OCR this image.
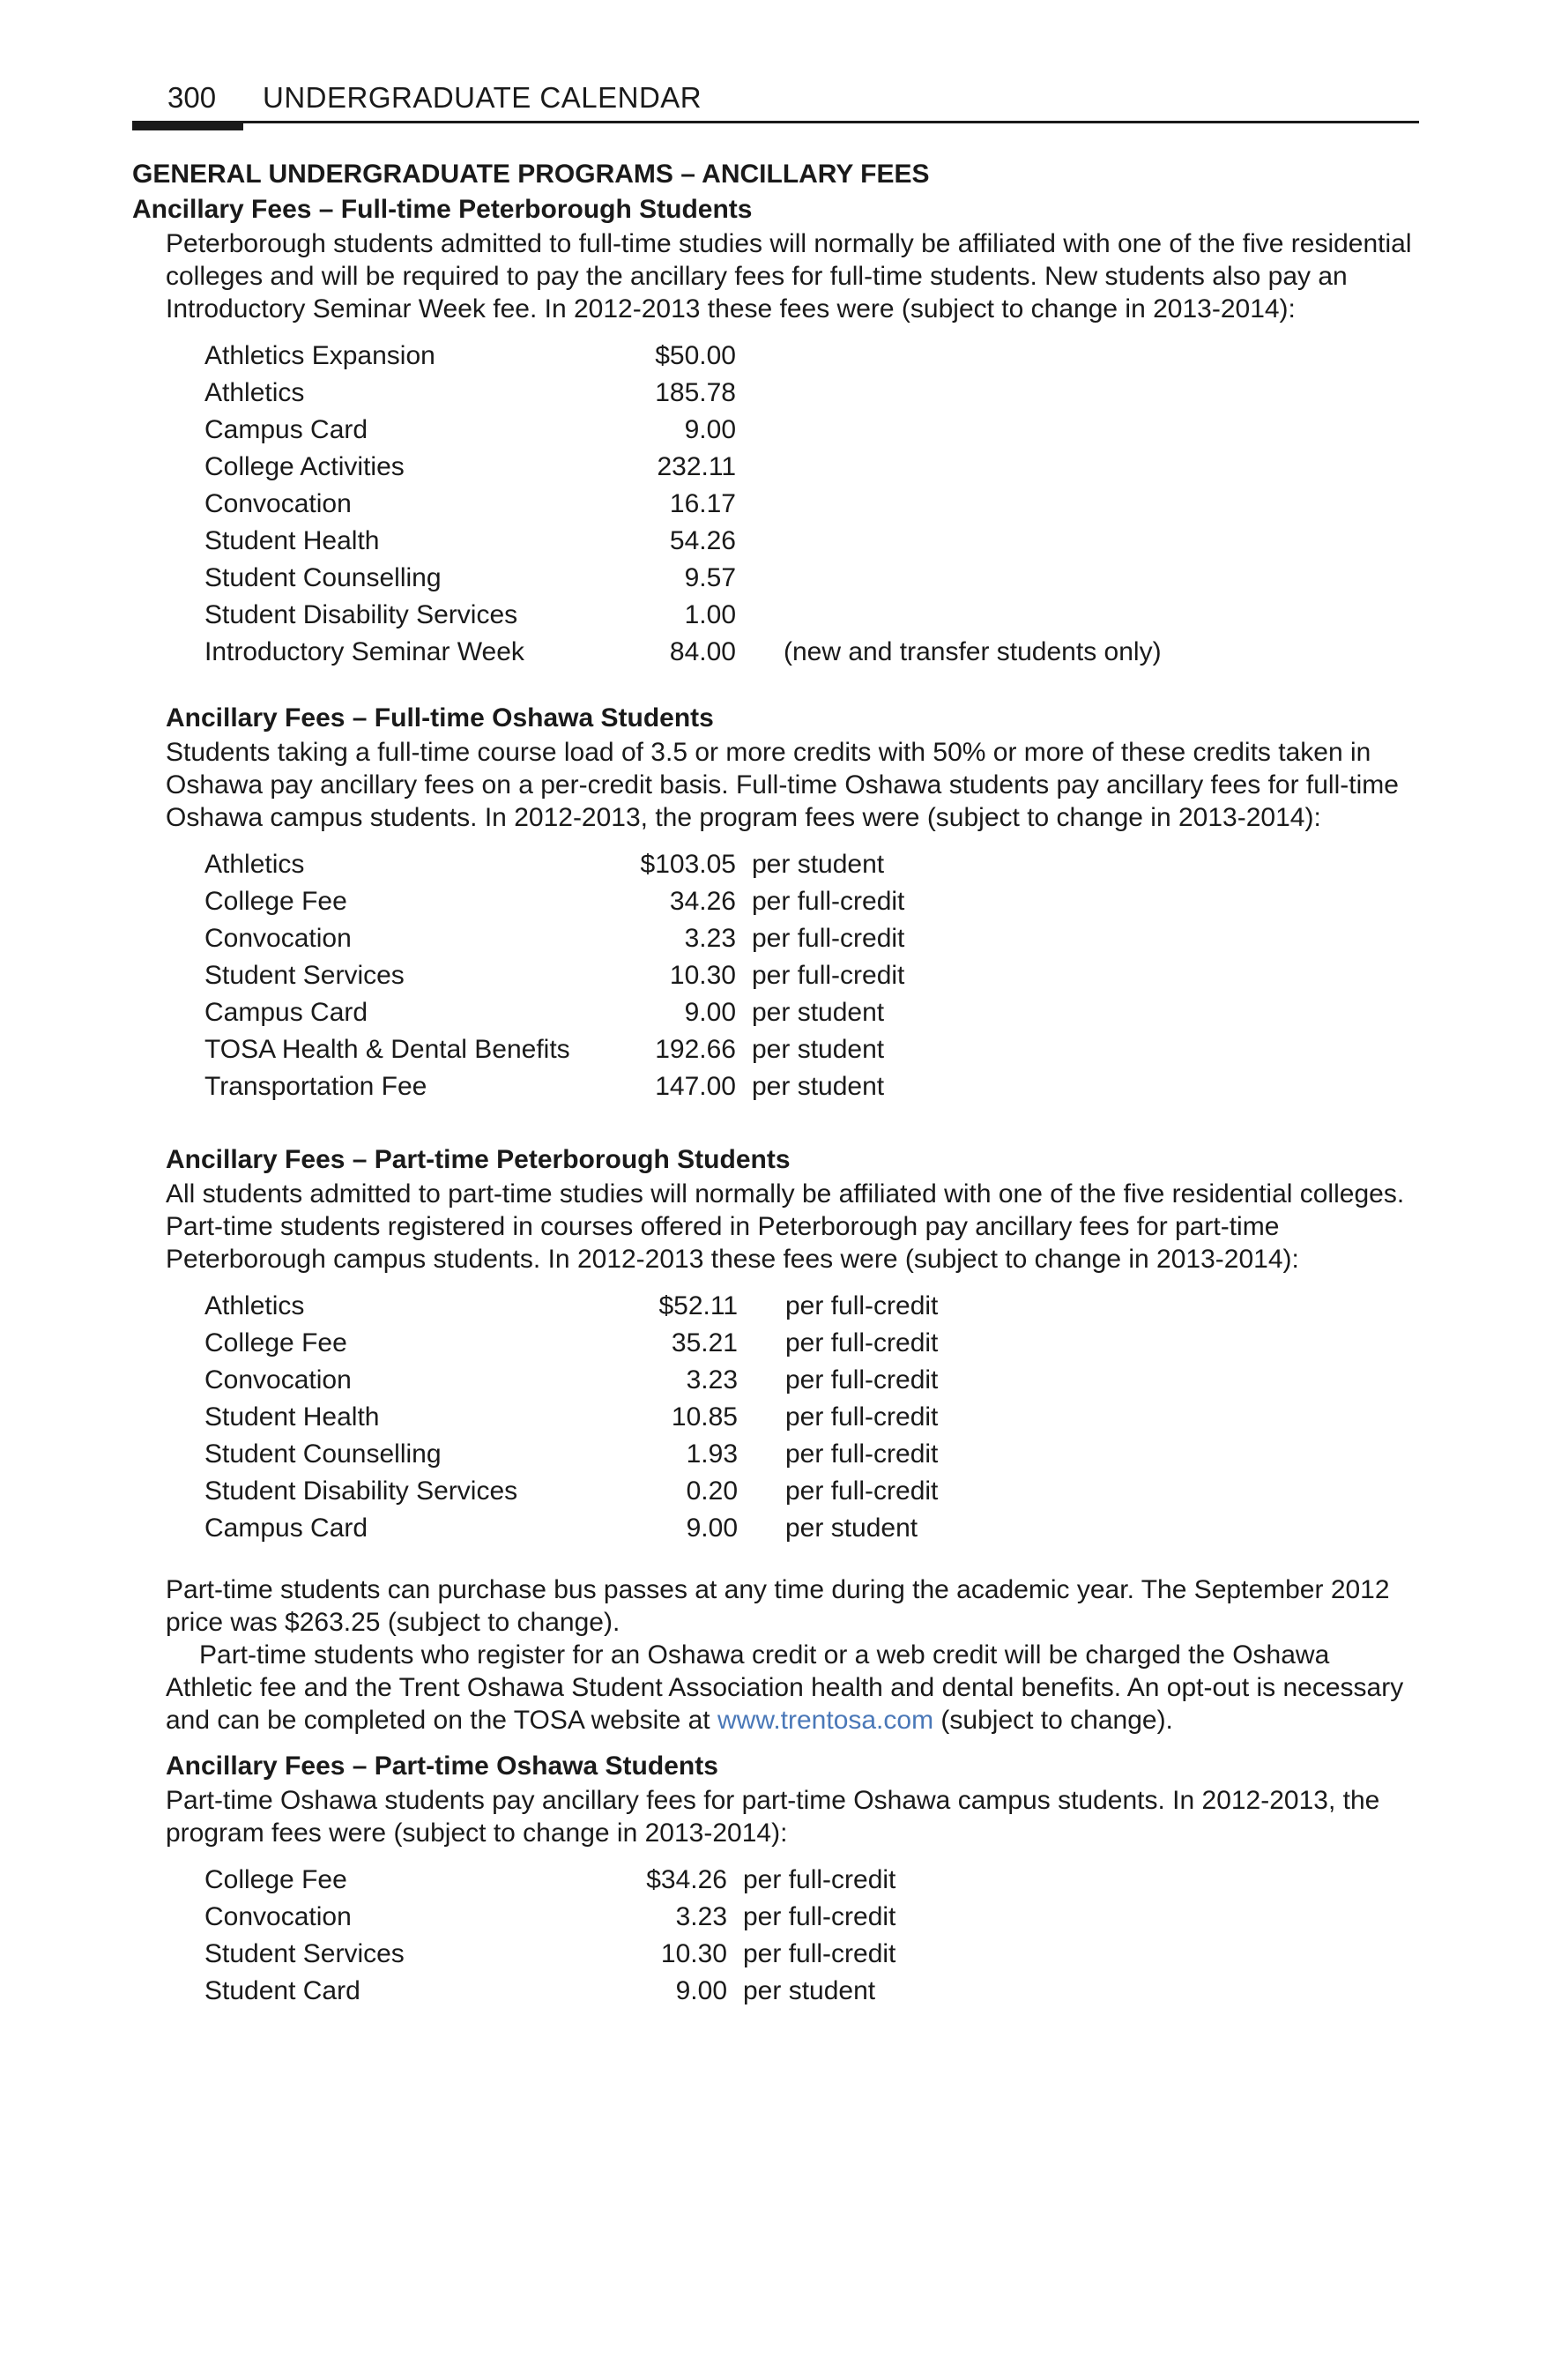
300 UNDERGRADUATE CALENDAR
GENERAL UNDERGRADUATE PROGRAMS – ANCILLARY FEES
Ancillary Fees – Full-time Peterborough Students

Peterborough students admitted to full-time studies will normally be affiliated with one of the five residential colleges and will be required to pay the ancillary fees for full-time students. New students also pay an Introductory Seminar Week fee. In 2012-2013 these fees were (subject to change in 2013-2014):

Athletics Expansion	$50.00	
Athletics	185.78	
Campus Card	9.00	
College Activities	232.11	
Convocation	16.17	
Student Health	54.26	
Student Counselling	9.57	
Student Disability Services	1.00	
Introductory Seminar Week	84.00	(new and transfer students only)
Ancillary Fees – Full-time Oshawa Students

Students taking a full-time course load of 3.5 or more credits with 50% or more of these credits taken in Oshawa pay ancillary fees on a per-credit basis. Full-time Oshawa students pay ancillary fees for full-time Oshawa campus students. In 2012-2013, the program fees were (subject to change in 2013-2014):

Athletics	$103.05	per student
College Fee	34.26	per full-credit
Convocation	3.23	per full-credit
Student Services	10.30	per full-credit
Campus Card	9.00	per student
TOSA Health & Dental Benefits	192.66	per student
Transportation Fee	147.00	per student
Ancillary Fees – Part-time Peterborough Students

All students admitted to part-time studies will normally be affiliated with one of the five residential colleges. Part-time students registered in courses offered in Peterborough pay ancillary fees for part-time Peterborough campus students. In 2012-2013 these fees were (subject to change in 2013-2014):

Athletics	$52.11	per full-credit
College Fee	35.21	per full-credit
Convocation	3.23	per full-credit
Student Health	10.85	per full-credit
Student Counselling	1.93	per full-credit
Student Disability Services	0.20	per full-credit
Campus Card	9.00	per student

Part-time students can purchase bus passes at any time during the academic year. The September 2012 price was $263.25 (subject to change).

Part-time students who register for an Oshawa credit or a web credit will be charged the Oshawa Athletic fee and the Trent Oshawa Student Association health and dental benefits. An opt-out is necessary and can be completed on the TOSA website at www.trentosa.com (subject to change).

Ancillary Fees – Part-time Oshawa Students

Part-time Oshawa students pay ancillary fees for part-time Oshawa campus students. In 2012-2013, the program fees were (subject to change in 2013-2014):

College Fee	$34.26	per full-credit
Convocation	3.23	per full-credit
Student Services	10.30	per full-credit
Student Card	9.00	per student
